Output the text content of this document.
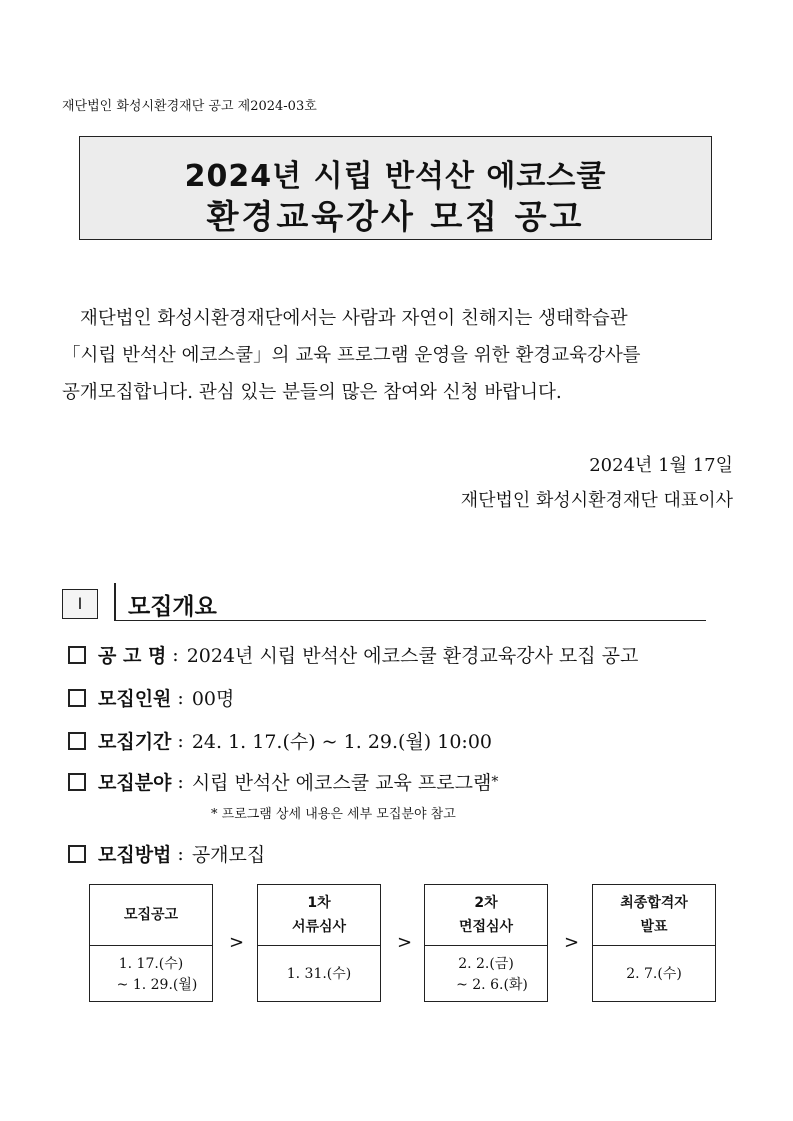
재단법인 화성시환경재단 공고 제2024-03호
2024년 시립 반석산 에코스쿨
환경교육강사 모집 공고

재단법인 화성시환경재단에서는 사람과 자연이 친해지는 생태학습관

「시립 반석산 에코스쿨」의 교육 프로그램 운영을 위한 환경교육강사를

공개모집합니다. 관심 있는 분들의 많은 참여와 신청 바랍니다.

2024년 1월 17일
재단법인 화성시환경재단 대표이사
Ⅰ	모집개요
공 고 명 : 2024년 시립 반석산 에코스쿨 환경교육강사 모집 공고
모집인원 : 00명
모집기간 : 24. 1. 17.(수) ~ 1. 29.(월) 10:00
모집분야 : 시립 반석산 에코스쿨 교육 프로그램 *
* 프로그램 상세 내용은 세부 모집분야 참고
모집방법 : 공개모집
모집공고
1. 17.(수)
~ 1. 29.(월)
>
1차
서류심사
1. 31.(수)
>
2차
면접심사
2. 2.(금)
~ 2. 6.(화)
>
최종합격자
발표
2. 7.(수)
